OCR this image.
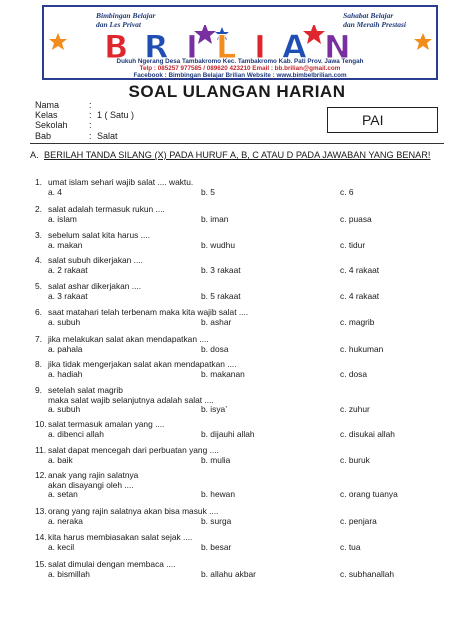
Bimbingan Belajar
dan Les Privat
Sahabat Belajar
dan Meraih Prestasi
B R I L I A N
Dukuh Ngerang Desa Tambakromo Kec. Tambakromo Kab. Pati Prov. Jawa Tengah
Telp : 085257 977585 / 089620 423210 Email : bb.brilian@gmail.com
Facebook : Bimbingan Belajar Brilian Website : www.bimbelbrilian.com
SOAL ULANGAN HARIAN
Nama	:
Kelas	: 1 ( Satu )
Sekolah :
Bab	: Salat
PAI
A. BERILAH TANDA SILANG (X) PADA HURUF A, B, C ATAU D PADA JAWABAN YANG BENAR!
1. umat islam sehari wajib salat .... waktu.
a. 4	b. 5	c. 6
2. salat adalah termasuk rukun ....
a. islam	b. iman	c. puasa
3. sebelum salat kita harus ....
a. makan	b. wudhu	c. tidur
4. salat subuh dikerjakan ....
a. 2 rakaat	b. 3 rakaat	c. 4 rakaat
5. salat ashar dikerjakan ....
a. 3 rakaat	b. 5 rakaat	c. 4 rakaat
6. saat matahari telah terbenam maka kita wajib salat ....
a. subuh	b. ashar	c. magrib
7. jika melakukan salat akan mendapatkan ....
a. pahala	b. dosa	c. hukuman
8. jika tidak mengerjakan salat akan mendapatkan ....
a. hadiah	b. makanan	c. dosa
9. setelah salat magrib
maka salat wajib selanjutnya adalah salat ....
a. subuh	b. isya’	c. zuhur
10. salat termasuk amalan yang ....
a. dibenci allah	b. dijauhi allah	c. disukai allah
11. salat dapat mencegah dari perbuatan yang ....
a. baik	b. mulia	c. buruk
12. anak yang rajin salatnya
akan disayangi oleh ....
a. setan	b. hewan	c. orang tuanya
13. orang yang rajin salatnya akan bisa masuk ....
a. neraka	b. surga	c. penjara
14. kita harus membiasakan salat sejak ....
a. kecil	b. besar	c. tua
15. salat dimulai dengan membaca ....
a. bismillah	b. allahu akbar	c. subhanallah
